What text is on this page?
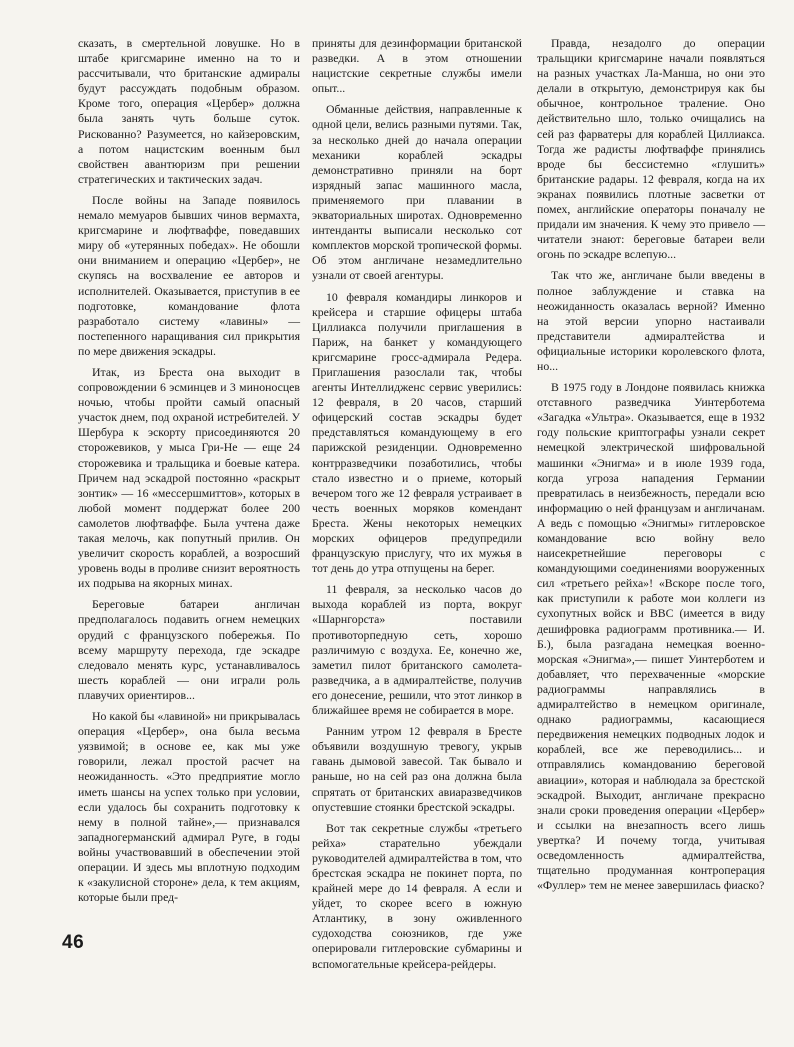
сказать, в смертельной ловушке. Но в штабе кригсмарине именно на то и рассчитывали, что британские адмиралы будут рассуждать подобным образом. Кроме того, операция «Цербер» должна была занять чуть больше суток. Рискованно? Разумеется, но кайзеровским, а потом нацистским военным был свойствен авантюризм при решении стратегических и тактических задач.

После войны на Западе появилось немало мемуаров бывших чинов вермахта, кригсмарине и люфтваффе, поведавших миру об «утерянных победах». Не обошли они вниманием и операцию «Цербер», не скупясь на восхваление ее авторов и исполнителей. Оказывается, приступив в ее подготовке, командование флота разработало систему «лавины» — постепенного наращивания сил прикрытия по мере движения эскадры.

Итак, из Бреста она выходит в сопровождении 6 эсминцев и 3 миноносцев ночью, чтобы пройти самый опасный участок днем, под охраной истребителей. У Шербура к эскорту присоединяются 20 сторожевиков, у мыса Гри-Не — еще 24 сторожевика и тральщика и боевые катера. Причем над эскадрой постоянно «раскрыт зонтик» — 16 «мессершмиттов», которых в любой момент поддержат более 200 самолетов люфтваффе. Была учтена даже такая мелочь, как попутный прилив. Он увеличит скорость кораблей, а возросший уровень воды в проливе снизит вероятность их подрыва на якорных минах.

Береговые батареи англичан предполагалось подавить огнем немецких орудий с французского побережья. По всему маршруту перехода, где эскадре следовало менять курс, устанавливалось шесть кораблей — они играли роль плавучих ориентиров...

Но какой бы «лавиной» ни прикрывалась операция «Цербер», она была весьма уязвимой; в основе ее, как мы уже говорили, лежал простой расчет на неожиданность. «Это предприятие могло иметь шансы на успех только при условии, если удалось бы сохранить подготовку к нему в полной тайне»,— признавался западногерманский адмирал Руге, в годы войны участвовавший в обеспечении этой операции. И здесь мы вплотную подходим к «закулисной стороне» дела, к тем акциям, которые были пред-

приняты для дезинформации британской разведки. А в этом отношении нацистские секретные службы имели опыт...

Обманные действия, направленные к одной цели, велись разными путями. Так, за несколько дней до начала операции механики кораблей эскадры демонстративно приняли на борт изрядный запас машинного масла, применяемого при плавании в экваториальных широтах. Одновременно интенданты выписали несколько сот комплектов морской тропической формы. Об этом англичане незамедлительно узнали от своей агентуры.

10 февраля командиры линкоров и крейсера и старшие офицеры штаба Циллиакса получили приглашения в Париж, на банкет у командующего кригсмарине гросс-адмирала Редера. Приглашения разослали так, чтобы агенты Интеллидженс сервис уверились: 12 февраля, в 20 часов, старший офицерский состав эскадры будет представляться командующему в его парижской резиденции. Одновременно контрразведчики позаботились, чтобы стало известно и о приеме, который вечером того же 12 февраля устраивает в честь военных моряков комендант Бреста. Жены некоторых немецких морских офицеров предупредили французскую прислугу, что их мужья в тот день до утра отпущены на берег.

11 февраля, за несколько часов до выхода кораблей из порта, вокруг «Шарнгорста» поставили противоторпедную сеть, хорошо различимую с воздуха. Ее, конечно же, заметил пилот британского самолета-разведчика, а в адмиралтействе, получив его донесение, решили, что этот линкор в ближайшее время не собирается в море.

Ранним утром 12 февраля в Бресте объявили воздушную тревогу, укрыв гавань дымовой завесой. Так бывало и раньше, но на сей раз она должна была спрятать от британских авиаразведчиков опустевшие стоянки брестской эскадры.

Вот так секретные службы «третьего рейха» старательно убеждали руководителей адмиралтейства в том, что брестская эскадра не покинет порта, по крайней мере до 14 февраля. А если и уйдет, то скорее всего в южную Атлантику, в зону оживленного судоходства союзников, где уже оперировали гитлеровские субмарины и вспомогательные крейсера-рейдеры.

Правда, незадолго до операции тральщики кригсмарине начали появляться на разных участках Ла-Манша, но они это делали в открытую, демонстрируя как бы обычное, контрольное траление. Оно действительно шло, только очищались на сей раз фарватеры для кораблей Циллиакса. Тогда же радисты люфтваффе принялись вроде бы бессистемно «глушить» британские радары. 12 февраля, когда на их экранах появились плотные засветки от помех, английские операторы поначалу не придали им значения. К чему это привело — читатели знают: береговые батареи вели огонь по эскадре вслепую...

Так что же, англичане были введены в полное заблуждение и ставка на неожиданность оказалась верной? Именно на этой версии упорно настаивали представители адмиралтейства и официальные историки королевского флота, но...

В 1975 году в Лондоне появилась книжка отставного разведчика Уинтерботема «Загадка «Ультра». Оказывается, еще в 1932 году польские криптографы узнали секрет немецкой электрической шифровальной машинки «Энигма» и в июле 1939 года, когда угроза нападения Германии превратилась в неизбежность, передали всю информацию о ней французам и англичанам. А ведь с помощью «Энигмы» гитлеровское командование всю войну вело наисекретнейшие переговоры с командующими соединениями вооруженных сил «третьего рейха»! «Вскоре после того, как приступили к работе мои коллеги из сухопутных войск и ВВС (имеется в виду дешифровка радиограмм противника.— И. Б.), была разгадана немецкая военно-морская «Энигма»,— пишет Уинтерботем и добавляет, что перехваченные «морские радиограммы направлялись в адмиралтейство в немецком оригинале, однако радиограммы, касающиеся передвижения немецких подводных лодок и кораблей, все же переводились... и отправлялись командованию береговой авиации», которая и наблюдала за брестской эскадрой. Выходит, англичане прекрасно знали сроки проведения операции «Цербер» и ссылки на внезапность всего лишь увертка? И почему тогда, учитывая осведомленность адмиралтейства, тщательно продуманная контроперация «Фуллер» тем не менее завершилась фиаско?

46
